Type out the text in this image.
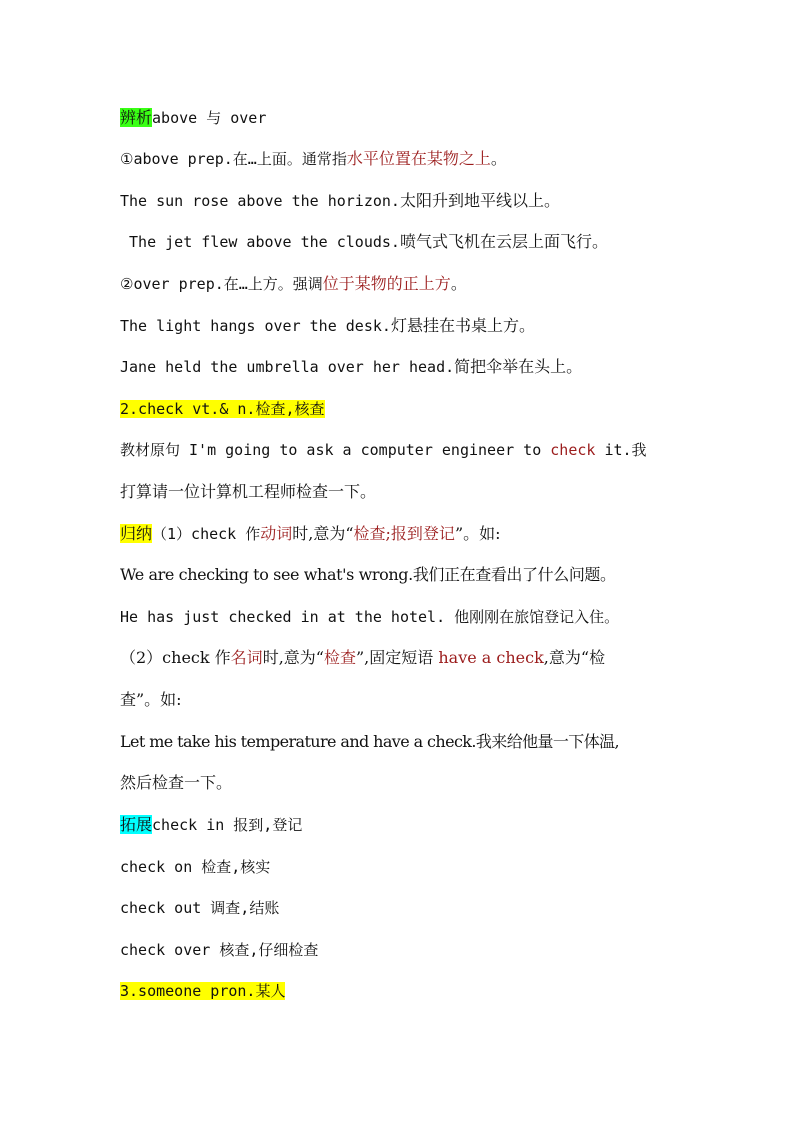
辨析above 与 over
①above prep.在…上面。通常指水平位置在某物之上。
The sun rose above the horizon.太阳升到地平线以上。
The jet flew above the clouds.喷气式飞机在云层上面飞行。
②over prep.在…上方。强调位于某物的正上方。
The light hangs over the desk.灯悬挂在书桌上方。
Jane held the umbrella over her head.简把伞举在头上。
2.check vt.& n.检查,核查
教材原句 I'm going to ask a computer engineer to check it.我
打算请一位计算机工程师检查一下。
归纳（1）check 作动词时,意为“检查;报到登记”。如:
We are checking to see what's wrong.我们正在查看出了什么问题。
He has just checked in at the hotel. 他刚刚在旅馆登记入住。
（2）check 作名词时,意为“检查”,固定短语 have a check,意为“检
查”。如:
Let me take his temperature and have a check.我来给他量一下体温,
然后检查一下。
拓展check in 报到,登记
check on 检查,核实
check out 调查,结账
check over 核查,仔细检查
3.someone pron.某人
